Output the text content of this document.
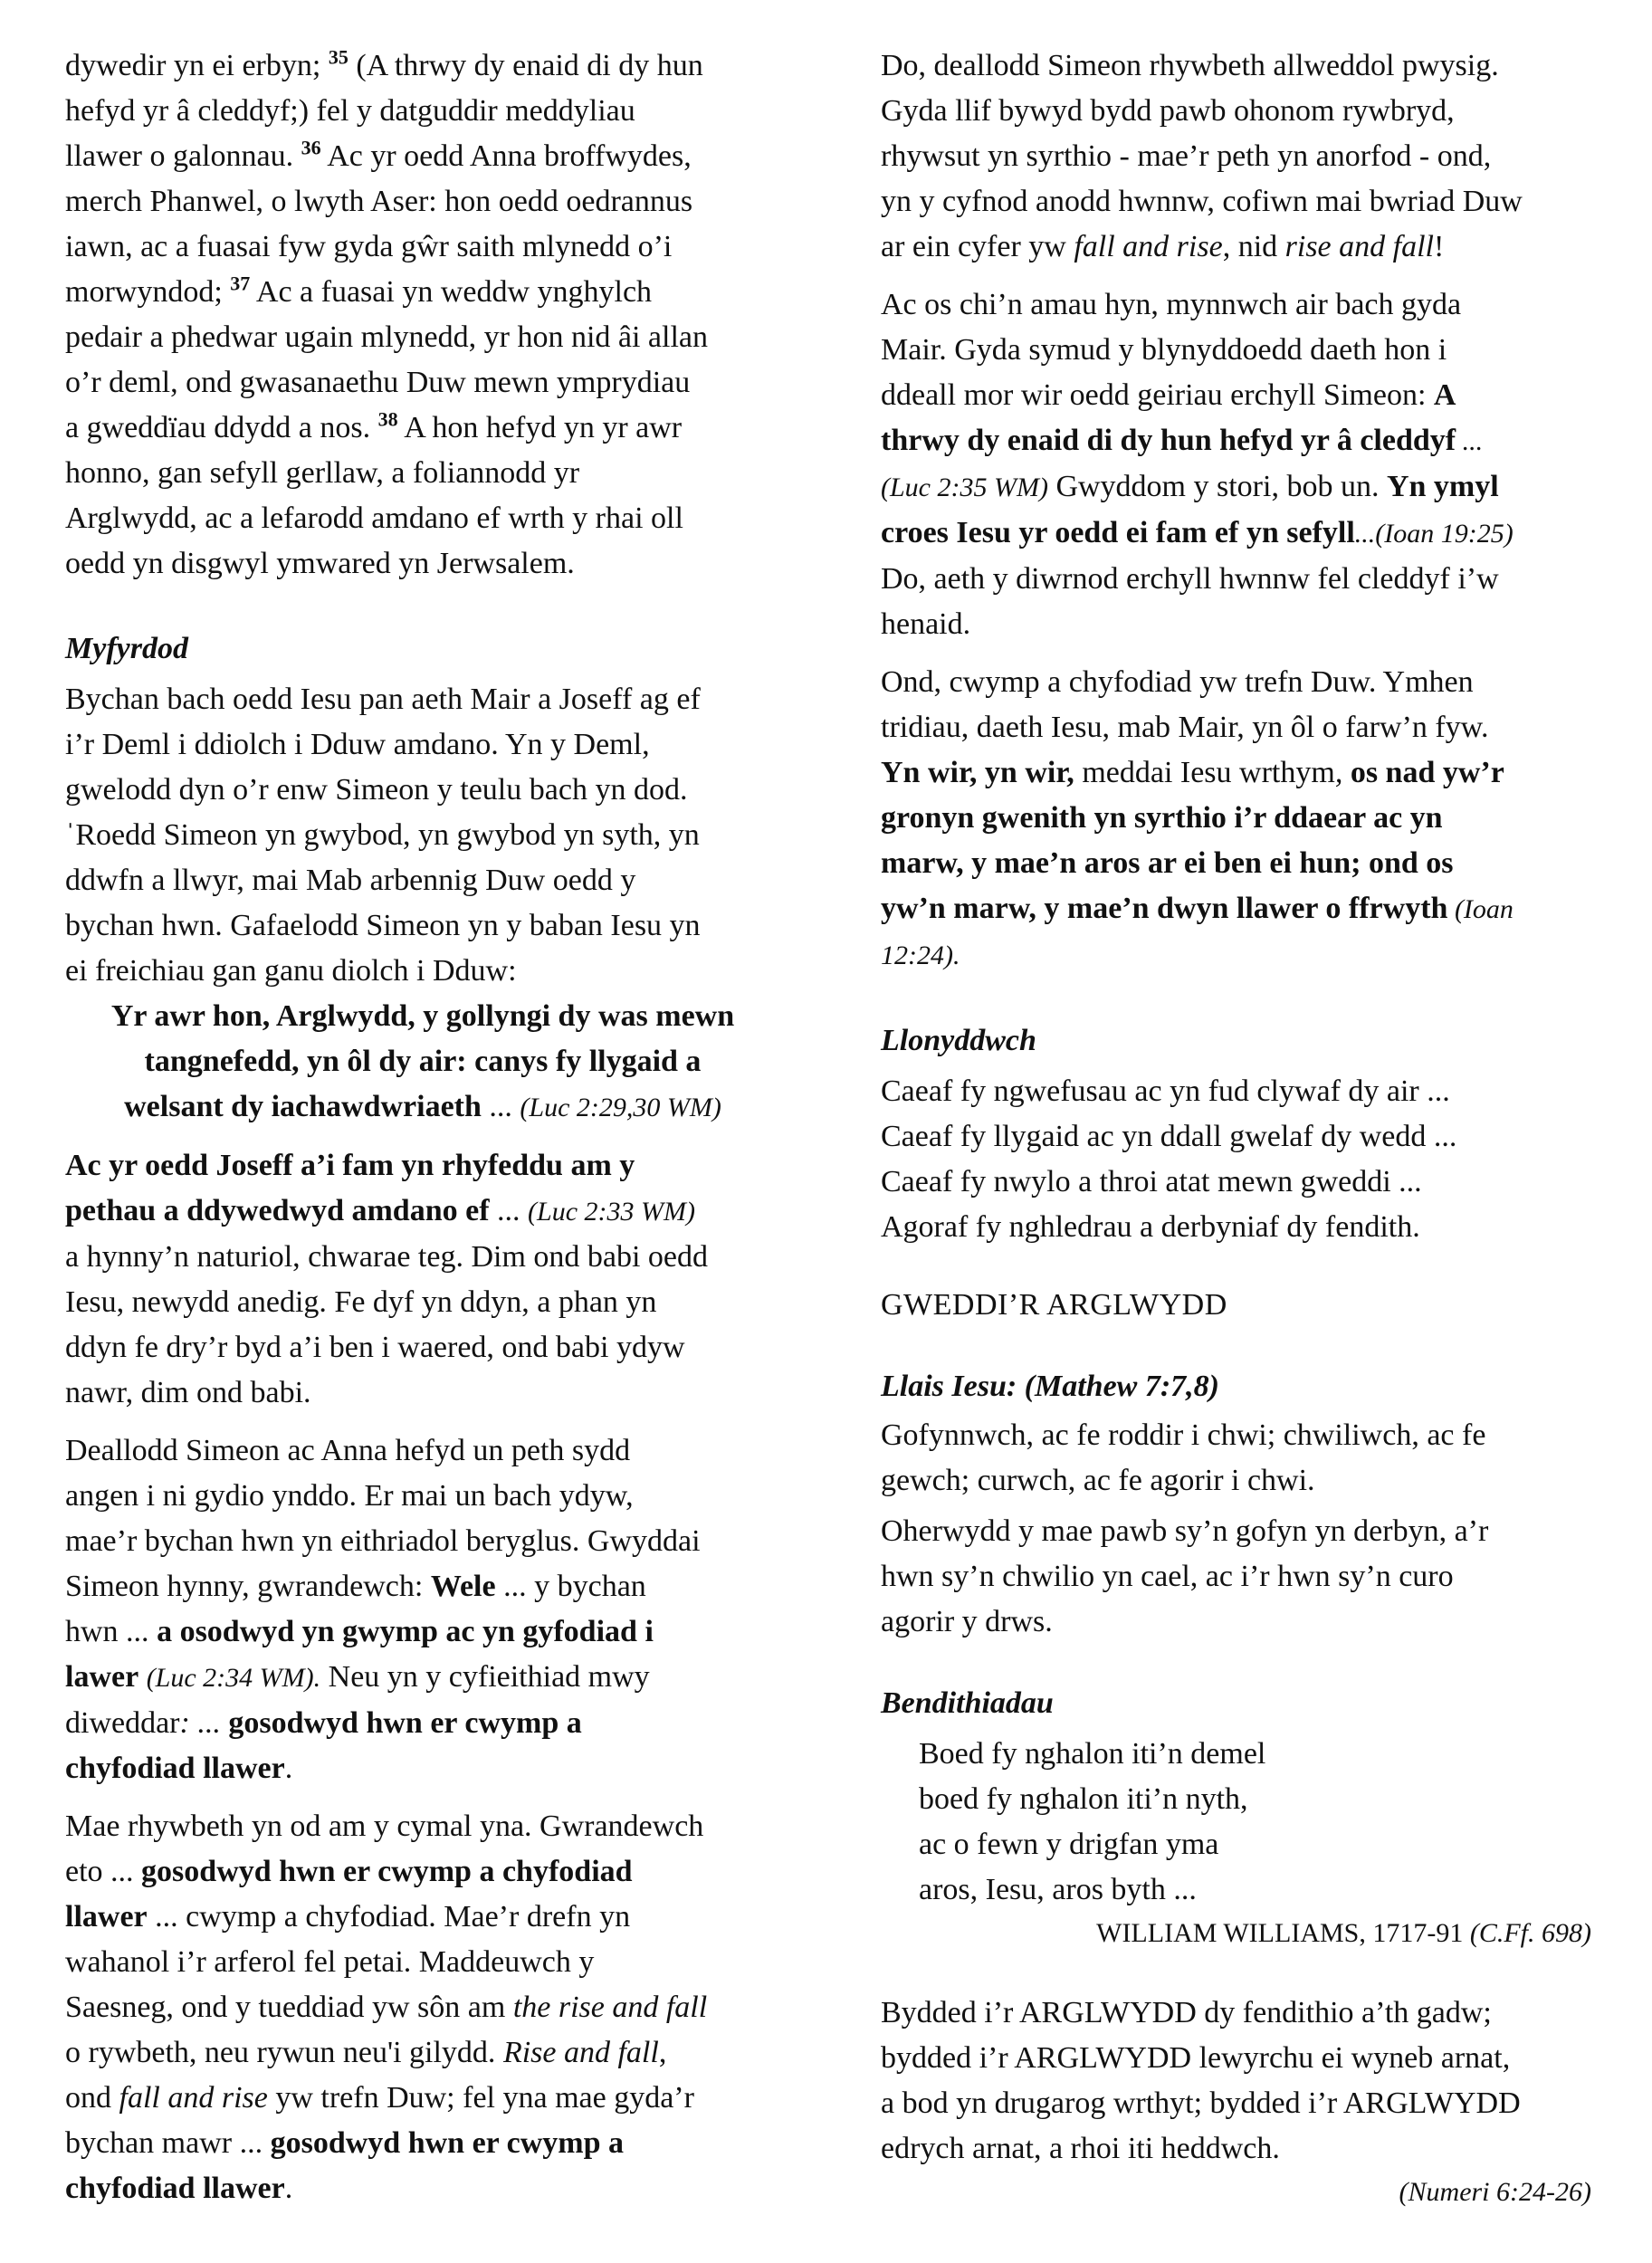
dywedir yn ei erbyn; $^{35}$ (A thrwy dy enaid di dy hun
hefyd yr â cleddyf;) fel y datguddir meddyliau
llawer o galonnau. $^{36}$ Ac yr oedd Anna broffwydes,
merch Phanwel, o lwyth Aser: hon oedd oedrannus
iawn, ac a fuasai fyw gyda gŵr saith mlynedd o’i
morwyndod; $^{37}$ Ac a fuasai yn weddw ynghylch
pedair a phedwar ugain mlynedd, yr hon nid âi allan
o’r deml, ond gwasanaethu Duw mewn ymprydiau
a gweddïau ddydd a nos. $^{38}$ A hon hefyd yn yr awr
honno, gan sefyll gerllaw, a foliannodd yr
Arglwydd, ac a lefarodd amdano ef wrth y rhai oll
oedd yn disgwyl ymwared yn Jerwsalem.
Myfyrdod
Bychan bach oedd Iesu pan aeth Mair a Joseff ag ef
i’r Deml i ddiolch i Dduw amdano. Yn y Deml,
gwelodd dyn o’r enw Simeon y teulu bach yn dod.
ˈRoedd Simeon yn gwybod, yn gwybod yn syth, yn
ddwfn a llwyr, mai Mab arbennig Duw oedd y
bychan hwn. Gafaelodd Simeon yn y baban Iesu yn
ei freichiau gan ganu diolch i Dduw:
Yr awr hon, Arglwydd, y gollyngi dy was mewn
tangnefedd, yn ôl dy air: canys fy llygaid a
welsant dy iachawdwriaeth ... (Luc 2:29,30 WM)
Ac yr oedd Joseff a’i fam yn rhyfeddu am y
pethau a ddywedwyd amdano ef ... (Luc 2:33 WM)
a hynny’n naturiol, chwarae teg. Dim ond babi oedd
Iesu, newydd anedig. Fe dyf yn ddyn, a phan yn
ddyn fe dry’r byd a’i ben i waered, ond babi ydyw
nawr, dim ond babi.
Deallodd Simeon ac Anna hefyd un peth sydd
angen i ni gydio ynddo. Er mai un bach ydyw,
mae’r bychan hwn yn eithriadol beryglus. Gwyddai
Simeon hynny, gwrandewch: Wele ... y bychan
hwn ... a osodwyd yn gwymp ac yn gyfodiad i
lawer (Luc 2:34 WM). Neu yn y cyfieithiad mwy
diweddar: ... gosodwyd hwn er cwymp a
chyfodiad llawer.
Mae rhywbeth yn od am y cymal yna. Gwrandewch
eto ... gosodwyd hwn er cwymp a chyfodiad
llawer ... cwymp a chyfodiad. Mae’r drefn yn
wahanol i’r arferol fel petai. Maddeuwch y
Saesneg, ond y tueddiad yw sôn am the rise and fall
o rywbeth, neu rywun neu'i gilydd. Rise and fall,
ond fall and rise yw trefn Duw; fel yna mae gyda’r
bychan mawr ... gosodwyd hwn er cwymp a
chyfodiad llawer.
Do, deallodd Simeon rhywbeth allweddol pwysig.
Gyda llif bywyd bydd pawb ohonom rywbryd,
rhywsut yn syrthio - mae’r peth yn anorfod - ond,
yn y cyfnod anodd hwnnw, cofiwn mai bwriad Duw
ar ein cyfer yw fall and rise, nid rise and fall!
Ac os chi’n amau hyn, mynnwch air bach gyda
Mair. Gyda symud y blynyddoedd daeth hon i
ddeall mor wir oedd geiriau erchyll Simeon: A
thrwy dy enaid di dy hun hefyd yr â cleddyf ...
(Luc 2:35 WM) Gwyddom y stori, bob un. Yn ymyl
croes Iesu yr oedd ei fam ef yn sefyll...(Ioan 19:25)
Do, aeth y diwrnod erchyll hwnnw fel cleddyf i’w
henaid.
Ond, cwymp a chyfodiad yw trefn Duw. Ymhen
tridiau, daeth Iesu, mab Mair, yn ôl o farw’n fyw.
Yn wir, yn wir, meddai Iesu wrthym, os nad yw’r
gronyn gwenith yn syrthio i’r ddaear ac yn
marw, y mae’n aros ar ei ben ei hun; ond os
yw’n marw, y mae’n dwyn llawer o ffrwyth (Ioan
12:24).
Llonyddwch
Caeaf fy ngwefusau ac yn fud clywaf dy air ...
Caeaf fy llygaid ac yn ddall gwelaf dy wedd ...
Caeaf fy nwylo a throi atat mewn gweddi ...
Agoraf fy nghledrau a derbyniaf dy fendith.
GWEDDI’R ARGLWYDD
Llais Iesu: (Mathew 7:7,8)
Gofynnwch, ac fe roddir i chwi; chwiliwch, ac fe
gewch; curwch, ac fe agorir i chwi.
Oherwydd y mae pawb sy’n gofyn yn derbyn, a’r
hwn sy’n chwilio yn cael, ac i’r hwn sy’n curo
agorir y drws.
Bendithiadau
Boed fy nghalon iti’n demel
boed fy nghalon iti’n nyth,
ac o fewn y drigfan yma
aros, Iesu, aros byth ...
WILLIAM WILLIAMS, 1717-91 (C.Ff. 698)
Bydded i’r ARGLWYDD dy fendithio a’th gadw;
bydded i’r ARGLWYDD lewyrchu ei wyneb arnat,
a bod yn drugarog wrthyt; bydded i’r ARGLWYDD
edrych arnat, a rhoi iti heddwch.
(Numeri 6:24-26)
